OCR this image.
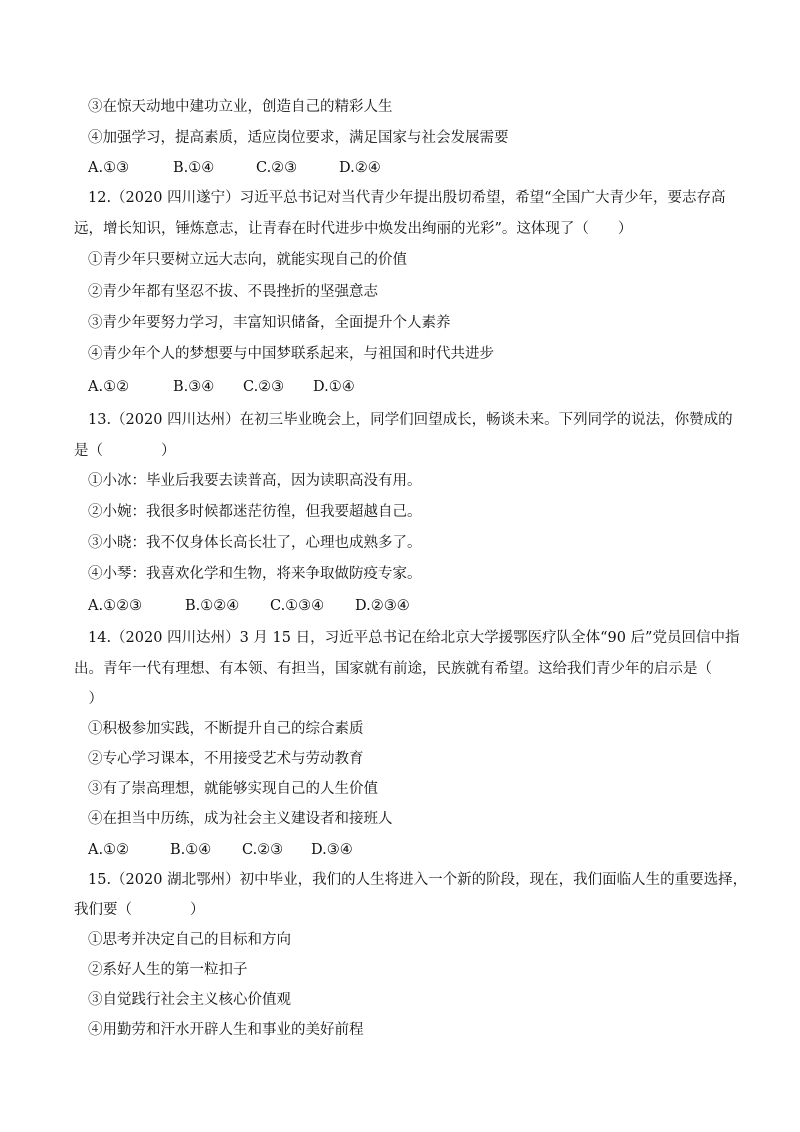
③在惊天动地中建功立业，创造自己的精彩人生
④加强学习，提高素质，适应岗位要求，满足国家与社会发展需要
A.①③	B.①④	C.②③	D.②④
12.（2020 四川遂宁）习近平总书记对当代青少年提出殷切希望，希望“全国广大青少年，要志存高
远，增长知识，锤炼意志，让青春在时代进步中焕发出绚丽的光彩”。这体现了（　　）
①青少年只要树立远大志向，就能实现自己的价值
②青少年都有坚忍不拔、不畏挫折的坚强意志
③青少年要努力学习，丰富知识储备，全面提升个人素养
④青少年个人的梦想要与中国梦联系起来，与祖国和时代共进步
A.①②	B.③④ C.②③ D.①④
13.（2020 四川达州）在初三毕业晚会上，同学们回望成长，畅谈未来。下列同学的说法，你赞成的
是（　　　　）
①小冰：毕业后我要去读普高，因为读职高没有用。
②小婉：我很多时候都迷茫彷徨，但我要超越自己。
③小晓：我不仅身体长高长壮了，心理也成熟多了。
④小琴：我喜欢化学和生物，将来争取做防疫专家。
A.①②③	B.①②④ C.①③④ D.②③④
14.（2020 四川达州）3 月 15 日，习近平总书记在给北京大学援鄂医疗队全体“90 后”党员回信中指
出。青年一代有理想、有本领、有担当，国家就有前途，民族就有希望。这给我们青少年的启示是（
　）
①积极参加实践，不断提升自己的综合素质
②专心学习课本，不用接受艺术与劳动教育
③有了崇高理想，就能够实现自己的人生价值
④在担当中历练，成为社会主义建设者和接班人
A.①②	B.①④ C.②③ D.③④
15.（2020 湖北鄂州）初中毕业，我们的人生将进入一个新的阶段，现在，我们面临人生的重要选择，
我们要（　　　　）
①思考并决定自己的目标和方向
②系好人生的第一粒扣子
③自觉践行社会主义核心价值观
④用勤劳和汗水开辟人生和事业的美好前程
